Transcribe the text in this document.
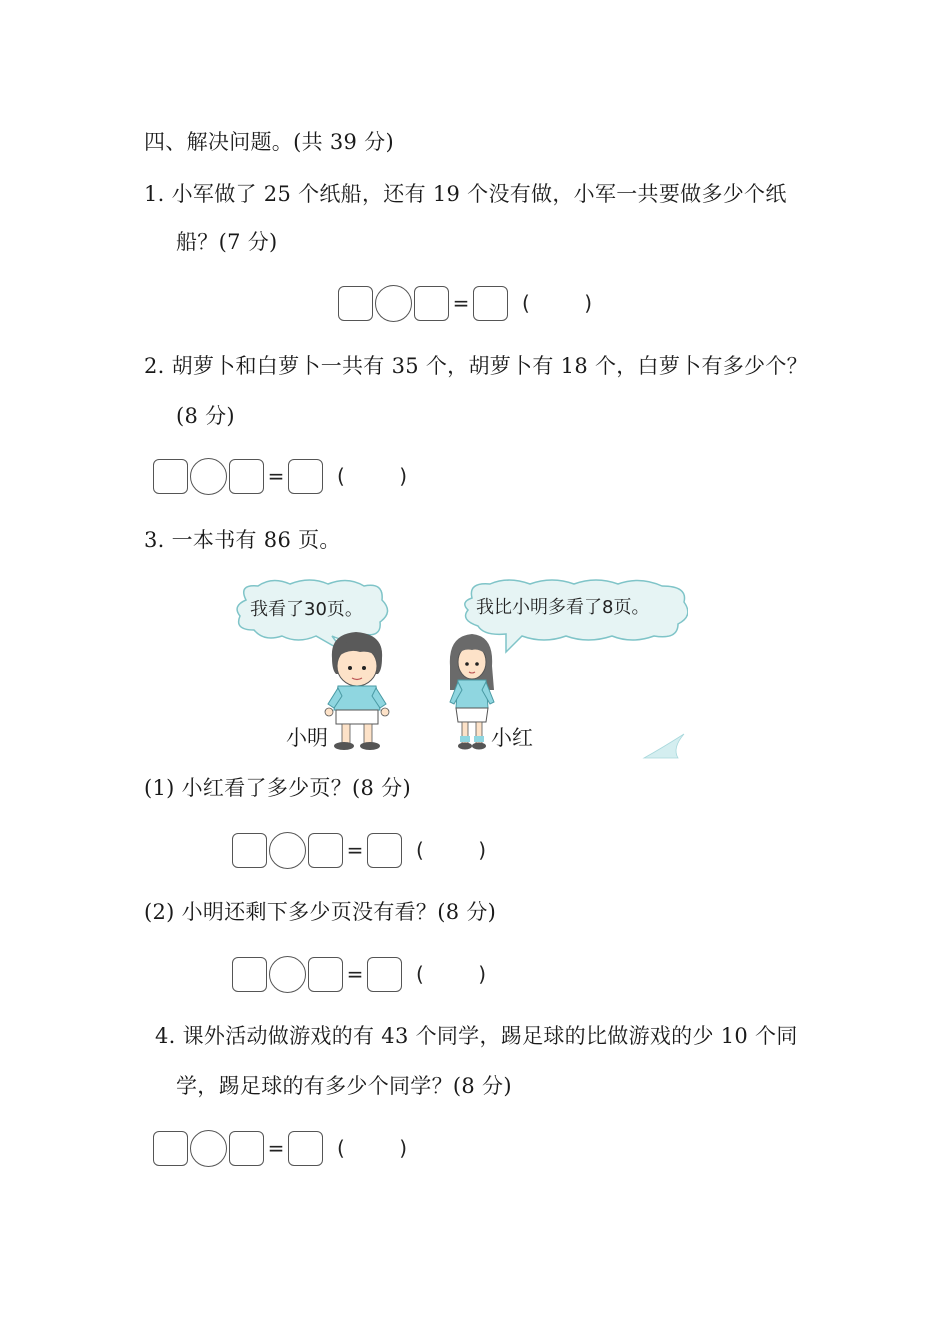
四、解决问题。(共 39 分)
1. 小军做了 25 个纸船，还有 19 个没有做，小军一共要做多少个纸
船？(7 分)
=	(	)
2. 胡萝卜和白萝卜一共有 35 个，胡萝卜有 18 个，白萝卜有多少个？
(8 分)
=	(	)
3. 一本书有 86 页。
我看了30页。	我比小明多看了8页。
小明	小红
(1) 小红看了多少页？(8 分)
=	(	)
(2) 小明还剩下多少页没有看？(8 分)
=	(	)
4. 课外活动做游戏的有 43 个同学，踢足球的比做游戏的少 10 个同
学，踢足球的有多少个同学？(8 分)
=	(	)
